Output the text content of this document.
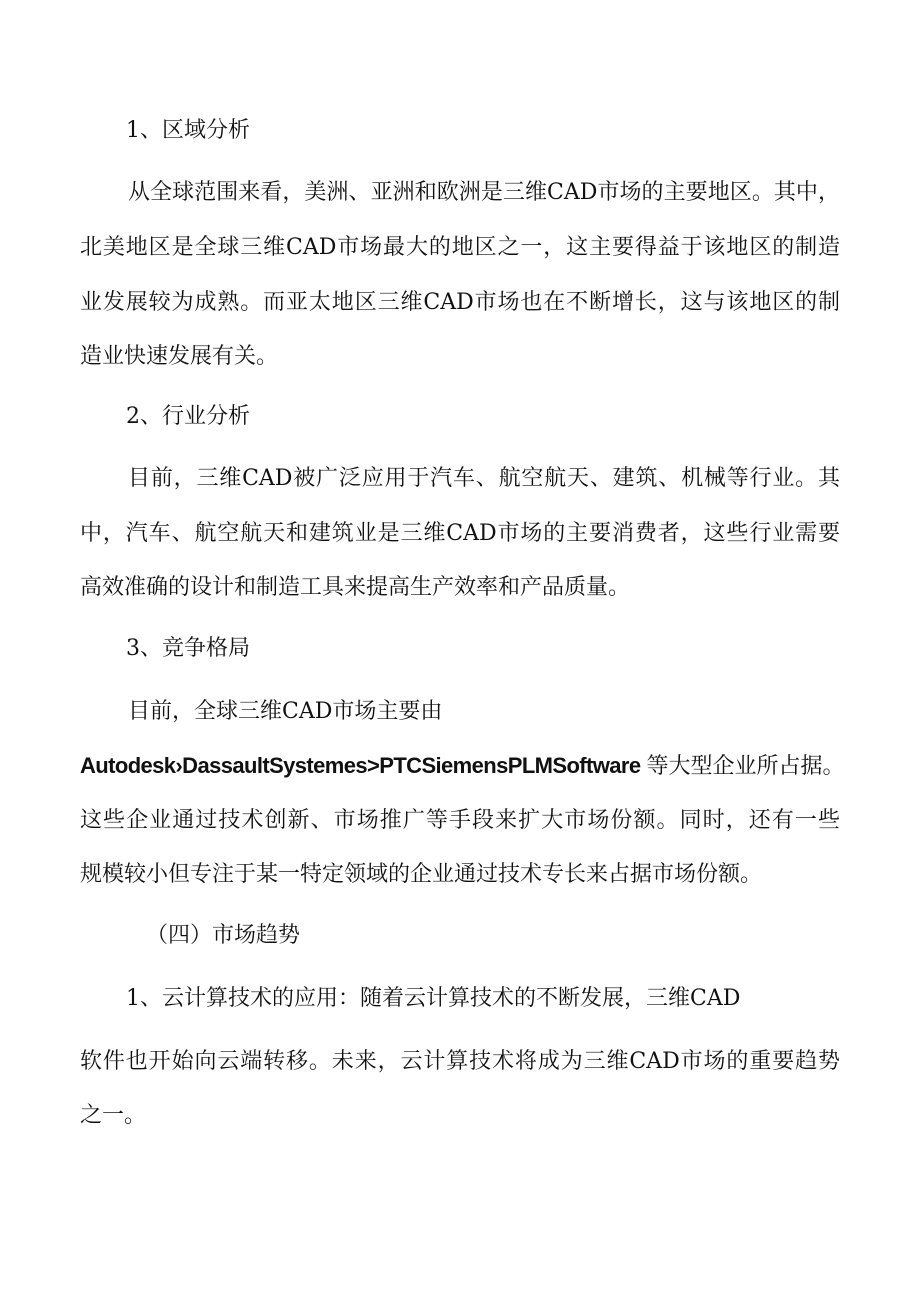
1、区域分析
从全球范围来看，美洲、亚洲和欧洲是三维CAD市场的主要地区。其中，
北美地区是全球三维CAD市场最大的地区之一，这主要得益于该地区的制造
业发展较为成熟。而亚太地区三维CAD市场也在不断增长，这与该地区的制
造业快速发展有关。
2、行业分析
目前，三维CAD被广泛应用于汽车、航空航天、建筑、机械等行业。其
中，汽车、航空航天和建筑业是三维CAD市场的主要消费者，这些行业需要
高效准确的设计和制造工具来提高生产效率和产品质量。
3、竞争格局
目前，全球三维CAD市场主要由
Autodesk›DassaultSystemes>PTCSiemensPLMSoftware 等大型企业所占据。
这些企业通过技术创新、市场推广等手段来扩大市场份额。同时，还有一些
规模较小但专注于某一特定领域的企业通过技术专长来占据市场份额。
（四）市场趋势
1、云计算技术的应用：随着云计算技术的不断发展，三维CAD
软件也开始向云端转移。未来，云计算技术将成为三维CAD市场的重要趋势
之一。
